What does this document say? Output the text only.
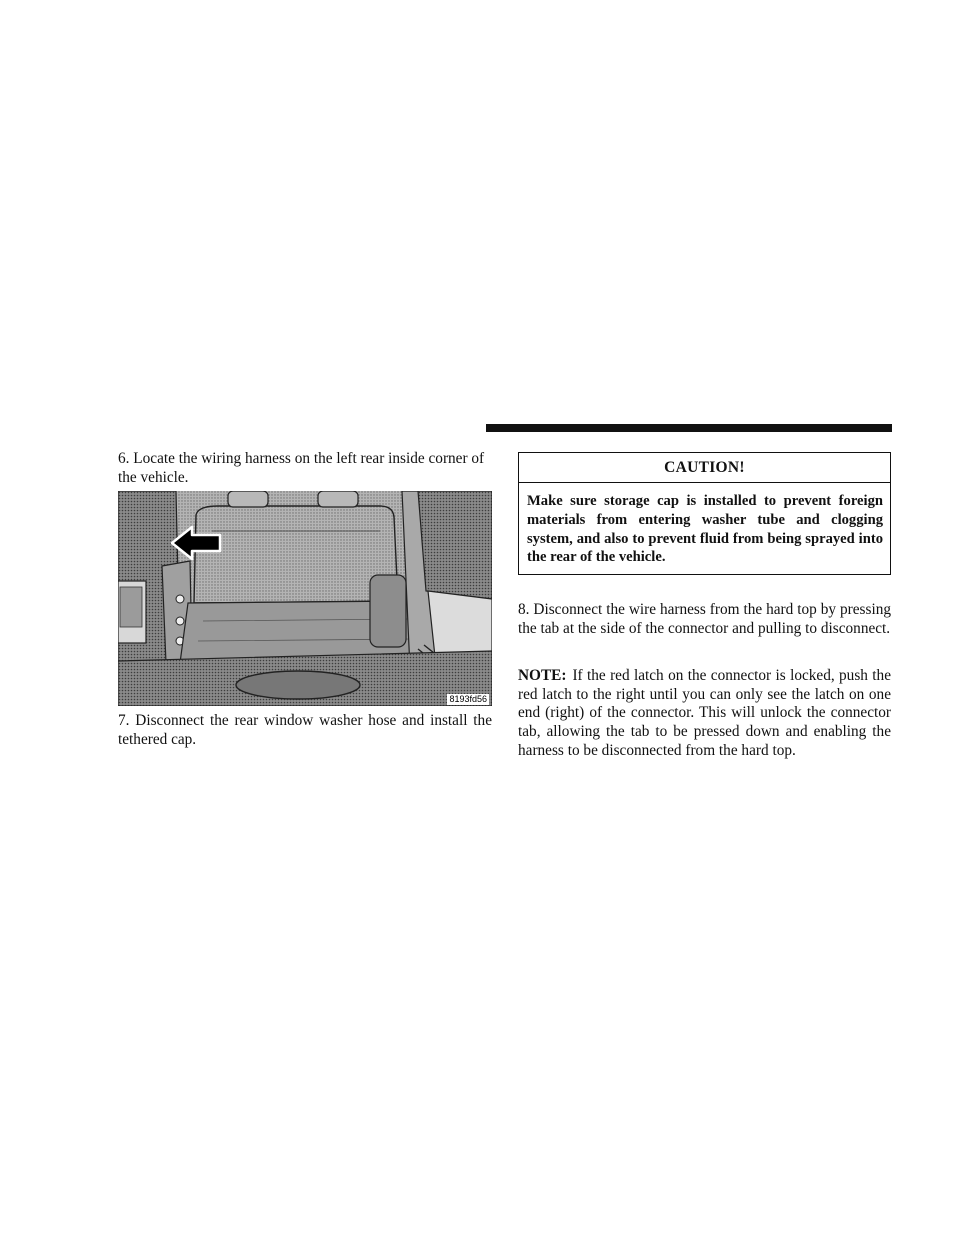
6. Locate the wiring harness on the left rear inside corner of the vehicle.

8193fd56

7. Disconnect the rear window washer hose and install the tethered cap.

CAUTION!

Make sure storage cap is installed to prevent foreign materials from entering washer tube and clogging system, and also to prevent fluid from being sprayed into the rear of the vehicle.

8. Disconnect the wire harness from the hard top by pressing the tab at the side of the connector and pulling to disconnect.

NOTE: If the red latch on the connector is locked, push the red latch to the right until you can only see the latch on one end (right) of the connector. This will unlock the connector tab, allowing the tab to be pressed down and enabling the harness to be disconnected from the hard top.
